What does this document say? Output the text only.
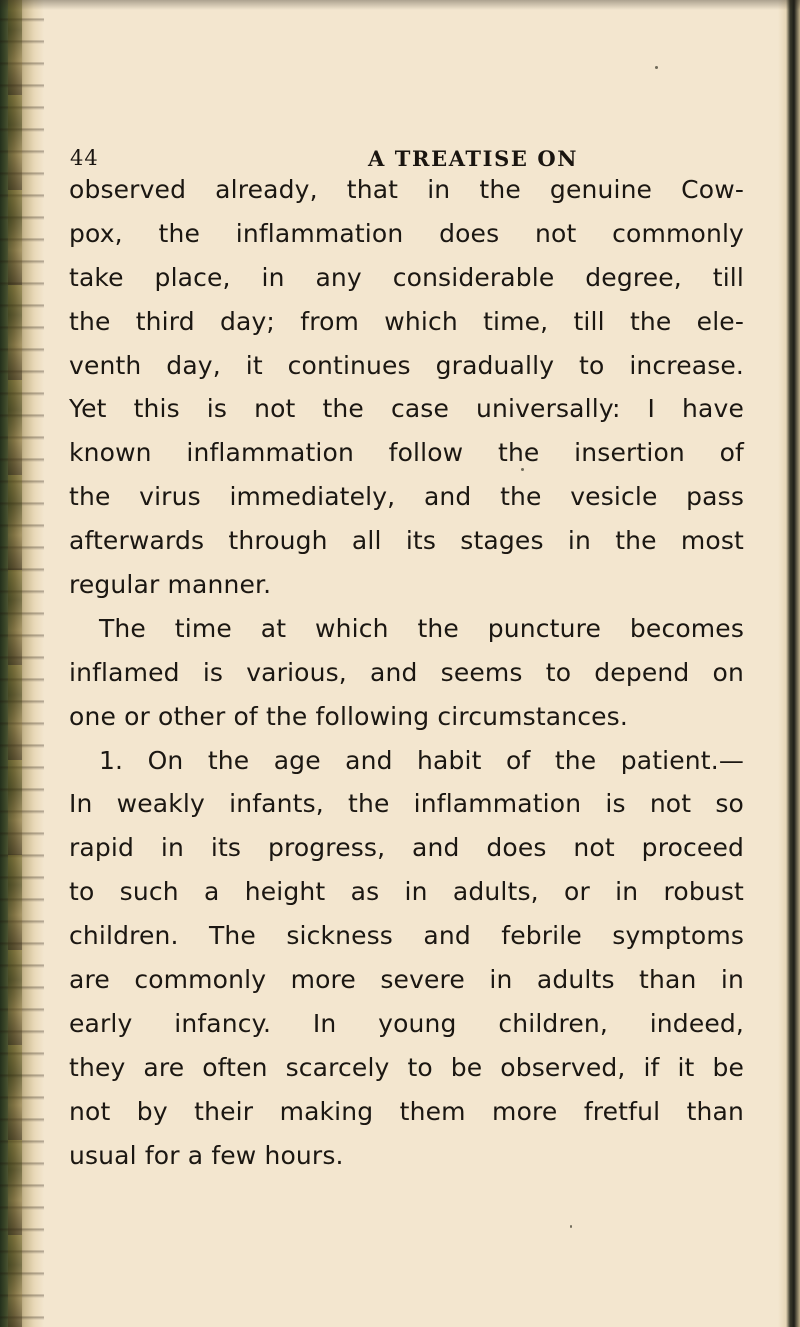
44	A TREATISE ON
observed already, that in the genuine Cow-
pox, the inflammation does not commonly
take place, in any considerable degree, till
the third day; from which time, till the ele-
venth day, it continues gradually to increase.
Yet this is not the case universally: I have
known inflammation follow the insertion of
the virus immediately, and the vesicle pass
afterwards through all its stages in the most
regular manner.
The time at which the puncture becomes
inflamed is various, and seems to depend on
one or other of the following circumstances.
1. On the age and habit of the patient.—
In weakly infants, the inflammation is not so
rapid in its progress, and does not proceed
to such a height as in adults, or in robust
children. The sickness and febrile symptoms
are commonly more severe in adults than in
early infancy. In young children, indeed,
they are often scarcely to be observed, if it be
not by their making them more fretful than
usual for a few hours.
